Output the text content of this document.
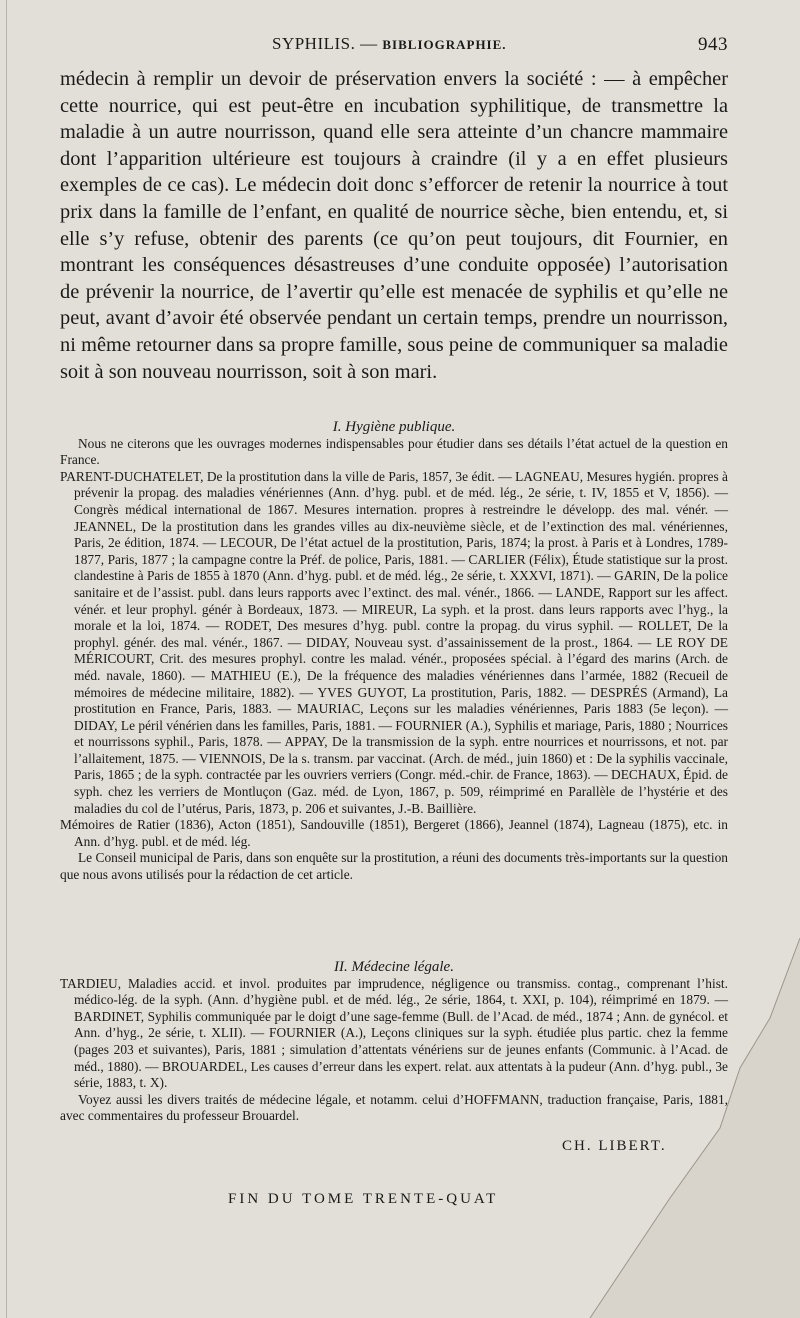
SYPHILIS. — BIBLIOGRAPHIE.	943

médecin à remplir un devoir de préservation envers la société : — à empêcher cette nourrice, qui est peut-être en incubation syphilitique, de transmettre la maladie à un autre nourrisson, quand elle sera atteinte d’un chancre mammaire dont l’apparition ultérieure est toujours à craindre (il y a en effet plusieurs exemples de ce cas). Le médecin doit donc s’efforcer de retenir la nourrice à tout prix dans la famille de l’enfant, en qualité de nourrice sèche, bien entendu, et, si elle s’y refuse, obtenir des parents (ce qu’on peut toujours, dit Fournier, en montrant les conséquences désastreuses d’une conduite opposée) l’autorisation de prévenir la nourrice, de l’avertir qu’elle est menacée de syphilis et qu’elle ne peut, avant d’avoir été observée pendant un certain temps, prendre un nourrisson, ni même retourner dans sa propre famille, sous peine de communiquer sa maladie soit à son nouveau nourrisson, soit à son mari.

I. Hygiène publique.

Nous ne citerons que les ouvrages modernes indispensables pour étudier dans ses détails l’état actuel de la question en France.

PARENT-DUCHATELET, De la prostitution dans la ville de Paris, 1857, 3e édit. — LAGNEAU, Mesures hygién. propres à prévenir la propag. des maladies vénériennes (Ann. d’hyg. publ. et de méd. lég., 2e série, t. IV, 1855 et V, 1856). — Congrès médical international de 1867. Mesures internation. propres à restreindre le développ. des mal. vénér. — JEANNEL, De la prostitution dans les grandes villes au dix-neuvième siècle, et de l’extinction des mal. vénériennes, Paris, 2e édition, 1874. — LECOUR, De l’état actuel de la prostitution, Paris, 1874; la prost. à Paris et à Londres, 1789-1877, Paris, 1877 ; la campagne contre la Préf. de police, Paris, 1881. — CARLIER (Félix), Étude statistique sur la prost. clandestine à Paris de 1855 à 1870 (Ann. d’hyg. publ. et de méd. lég., 2e série, t. XXXVI, 1871). — GARIN, De la police sanitaire et de l’assist. publ. dans leurs rapports avec l’extinct. des mal. vénér., 1866. — LANDE, Rapport sur les affect. vénér. et leur prophyl. génér à Bordeaux, 1873. — MIREUR, La syph. et la prost. dans leurs rapports avec l’hyg., la morale et la loi, 1874. — RODET, Des mesures d’hyg. publ. contre la propag. du virus syphil. — ROLLET, De la prophyl. génér. des mal. vénér., 1867. — DIDAY, Nouveau syst. d’assainissement de la prost., 1864. — LE ROY DE MÉRICOURT, Crit. des mesures prophyl. contre les malad. vénér., proposées spécial. à l’égard des marins (Arch. de méd. navale, 1860). — MATHIEU (E.), De la fréquence des maladies vénériennes dans l’armée, 1882 (Recueil de mémoires de médecine militaire, 1882). — YVES GUYOT, La prostitution, Paris, 1882. — DESPRÉS (Armand), La prostitution en France, Paris, 1883. — MAURIAC, Leçons sur les maladies vénériennes, Paris 1883 (5e leçon). — DIDAY, Le péril vénérien dans les familles, Paris, 1881. — FOURNIER (A.), Syphilis et mariage, Paris, 1880 ; Nourrices et nourrissons syphil., Paris, 1878. — APPAY, De la transmission de la syph. entre nourrices et nourrissons, et not. par l’allaitement, 1875. — VIENNOIS, De la s. transm. par vaccinat. (Arch. de méd., juin 1860) et : De la syphilis vaccinale, Paris, 1865 ; de la syph. contractée par les ouvriers verriers (Congr. méd.-chir. de France, 1863). — DECHAUX, Épid. de syph. chez les verriers de Montluçon (Gaz. méd. de Lyon, 1867, p. 509, réimprimé en Parallèle de l’hystérie et des maladies du col de l’utérus, Paris, 1873, p. 206 et suivantes, J.-B. Baillière.

Mémoires de Ratier (1836), Acton (1851), Sandouville (1851), Bergeret (1866), Jeannel (1874), Lagneau (1875), etc. in Ann. d’hyg. publ. et de méd. lég.

Le Conseil municipal de Paris, dans son enquête sur la prostitution, a réuni des documents très-importants sur la question que nous avons utilisés pour la rédaction de cet article.

II. Médecine légale.

TARDIEU, Maladies accid. et invol. produites par imprudence, négligence ou transmiss. contag., comprenant l’hist. médico-lég. de la syph. (Ann. d’hygiène publ. et de méd. lég., 2e série, 1864, t. XXI, p. 104), réimprimé en 1879. — BARDINET, Syphilis communiquée par le doigt d’une sage-femme (Bull. de l’Acad. de méd., 1874 ; Ann. de gynécol. et Ann. d’hyg., 2e série, t. XLII). — FOURNIER (A.), Leçons cliniques sur la syph. étudiée plus partic. chez la femme (pages 203 et suivantes), Paris, 1881 ; simulation d’attentats vénériens sur de jeunes enfants (Communic. à l’Acad. de méd., 1880). — BROUARDEL, Les causes d’erreur dans les expert. relat. aux attentats à la pudeur (Ann. d’hyg. publ., 3e série, 1883, t. X).

Voyez aussi les divers traités de médecine légale, et notamm. celui d’HOFFMANN, traduction française, Paris, 1881, avec commentaires du professeur Brouardel.

CH. LIBERT.
FIN DU TOME TRENTE-QUAT
